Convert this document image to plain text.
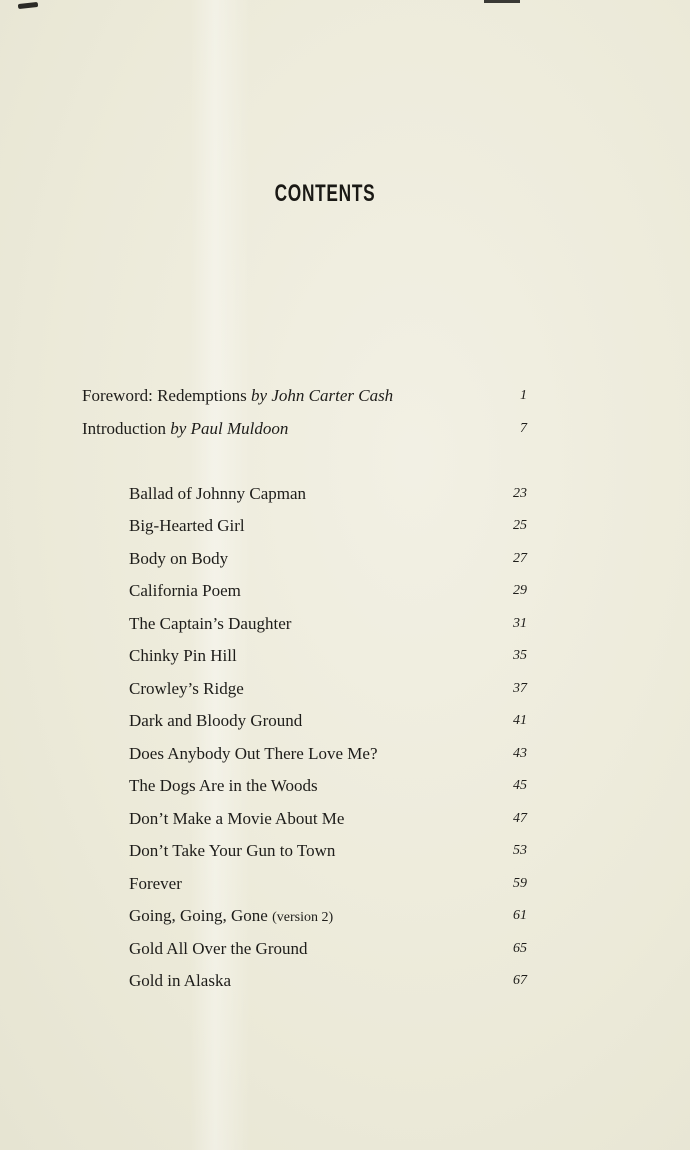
CONTENTS
Foreword: Redemptions by John Carter Cash	1
Introduction by Paul Muldoon	7
Ballad of Johnny Capman	23
Big-Hearted Girl	25
Body on Body	27
California Poem	29
The Captain’s Daughter	31
Chinky Pin Hill	35
Crowley’s Ridge	37
Dark and Bloody Ground	41
Does Anybody Out There Love Me?	43
The Dogs Are in the Woods	45
Don’t Make a Movie About Me	47
Don’t Take Your Gun to Town	53
Forever	59
Going, Going, Gone (version 2)	61
Gold All Over the Ground	65
Gold in Alaska	67
